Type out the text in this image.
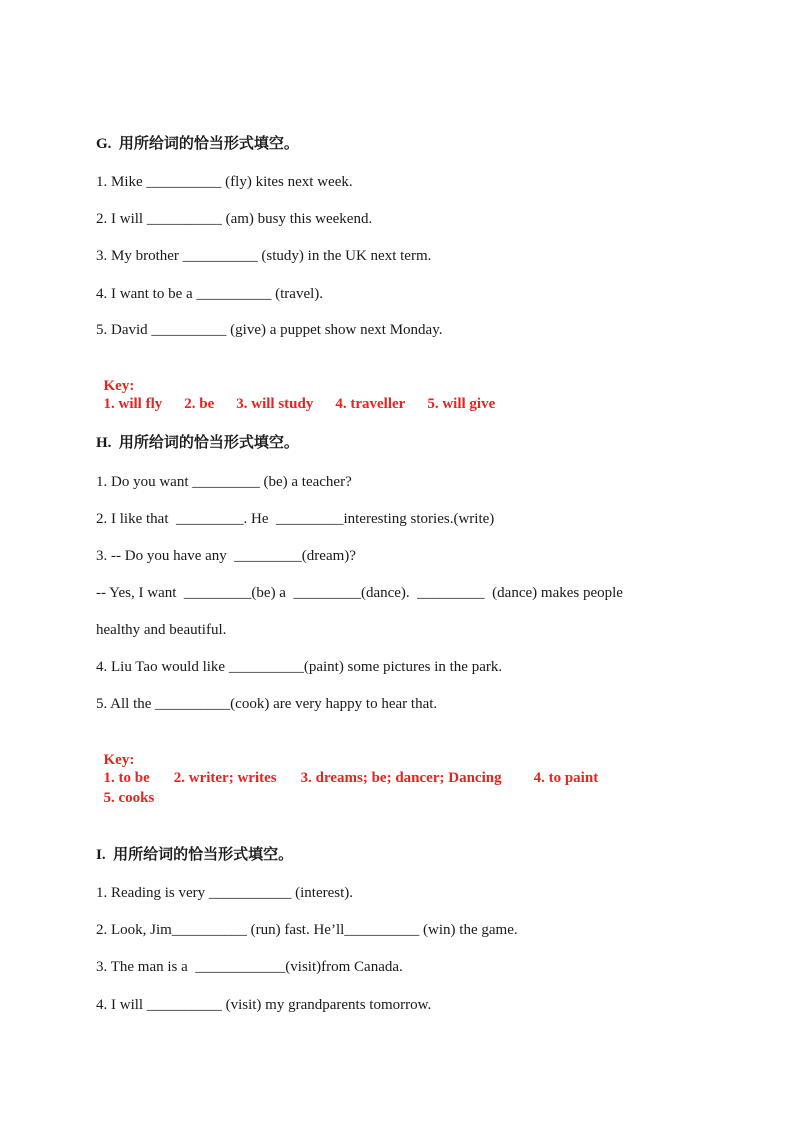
G.  用所给词的恰当形式填空。
1. Mike __________ (fly) kites next week.
2. I will __________ (am) busy this weekend.
3. My brother __________ (study) in the UK next term.
4. I want to be a __________ (travel).
5. David __________ (give) a puppet show next Monday.

Key:
1. will fly 2. be 3. will study 4. traveller 5. will give

H.  用所给词的恰当形式填空。
1. Do you want _________ (be) a teacher?
2. I like that  _________. He  _________interesting stories.(write)
3. -- Do you have any  _________(dream)?
-- Yes, I want  _________(be) a  _________(dance).  _________  (dance) makes people
healthy and beautiful.
4. Liu Tao would like __________(paint) some pictures in the park.
5. All the __________(cook) are very happy to hear that.

Key:
1. to be 2. writer; writes 3. dreams; be; dancer; Dancing 4. to paint

5. cooks

I.  用所给词的恰当形式填空。
1. Reading is very ___________ (interest).
2. Look, Jim__________ (run) fast. He’ll__________ (win) the game.
3. The man is a  ____________(visit)from Canada.
4. I will __________ (visit) my grandparents tomorrow.
